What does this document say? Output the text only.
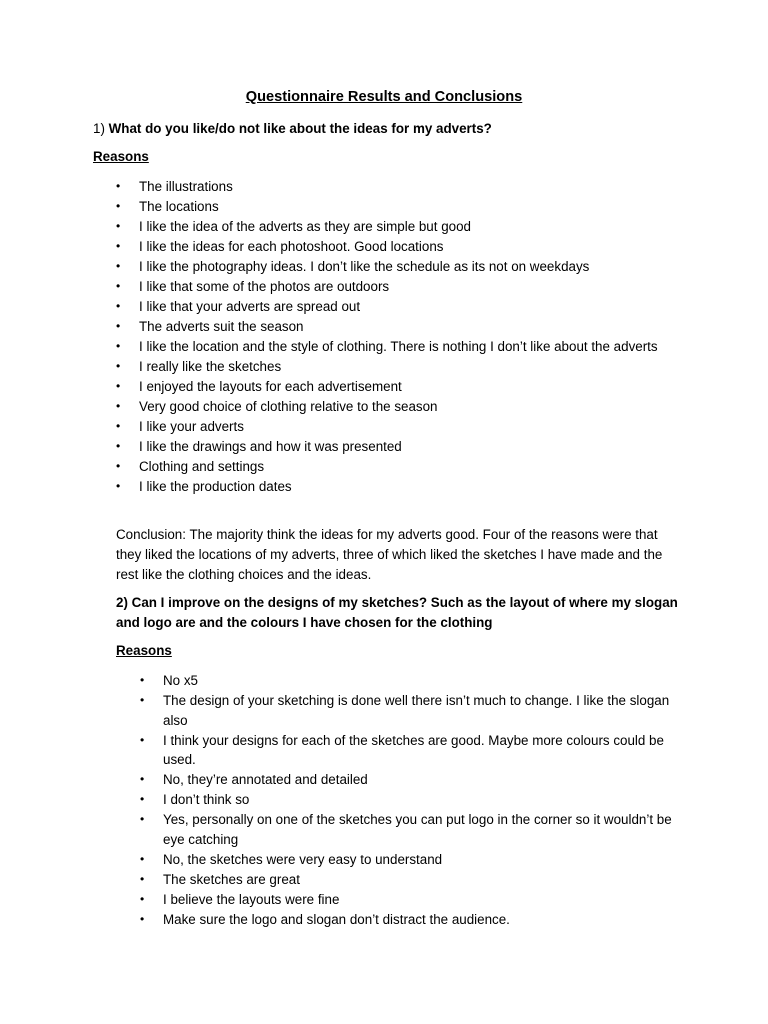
Questionnaire Results and Conclusions

1) What do you like/do not like about the ideas for my adverts?

Reasons

• The illustrations
• The locations
• I like the idea of the adverts as they are simple but good
• I like the ideas for each photoshoot. Good locations
• I like the photography ideas. I don’t like the schedule as its not on weekdays
• I like that some of the photos are outdoors
• I like that your adverts are spread out
• The adverts suit the season
• I like the location and the style of clothing. There is nothing I don’t like about the adverts
• I really like the sketches
• I enjoyed the layouts for each advertisement
• Very good choice of clothing relative to the season
• I like your adverts
• I like the drawings and how it was presented
• Clothing and settings
• I like the production dates

Conclusion: The majority think the ideas for my adverts good. Four of the reasons were that they liked the locations of my adverts, three of which liked the sketches I have made and the rest like the clothing choices and the ideas.

2) Can I improve on the designs of my sketches? Such as the layout of where my slogan and logo are and the colours I have chosen for the clothing

Reasons

• No x5
• The design of your sketching is done well there isn’t much to change. I like the slogan also
• I think your designs for each of the sketches are good. Maybe more colours could be used.
• No, they’re annotated and detailed
• I don’t think so
• Yes, personally on one of the sketches you can put logo in the corner so it wouldn’t be eye catching
• No, the sketches were very easy to understand
• The sketches are great
• I believe the layouts were fine
• Make sure the logo and slogan don’t distract the audience.
